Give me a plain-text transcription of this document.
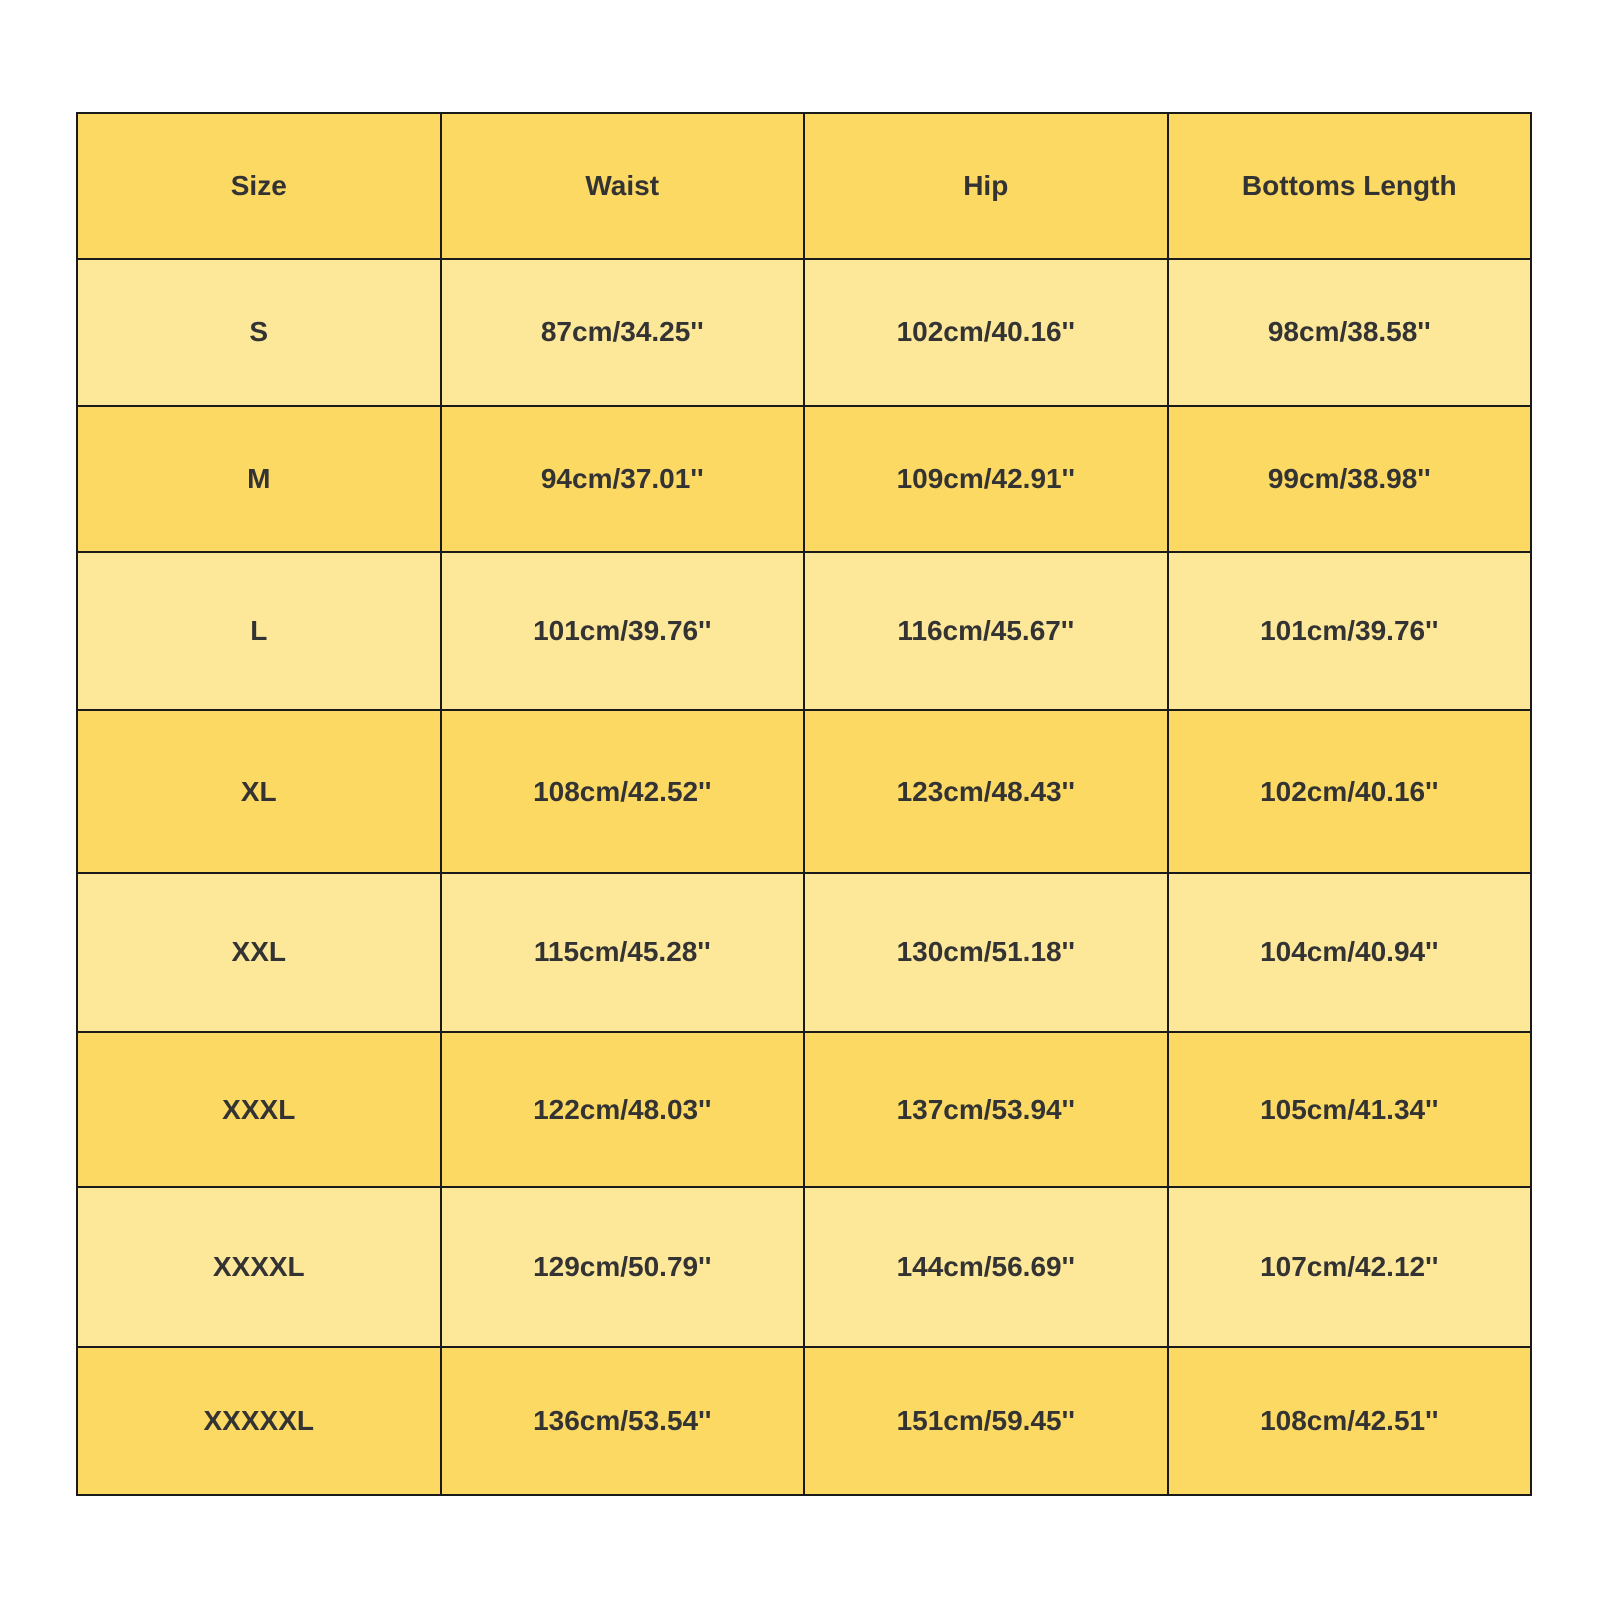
Size	Waist	Hip	Bottoms Length
S	87cm/34.25''	102cm/40.16''	98cm/38.58''
M	94cm/37.01''	109cm/42.91''	99cm/38.98''
L	101cm/39.76''	116cm/45.67''	101cm/39.76''
XL	108cm/42.52''	123cm/48.43''	102cm/40.16''
XXL	115cm/45.28''	130cm/51.18''	104cm/40.94''
XXXL	122cm/48.03''	137cm/53.94''	105cm/41.34''
XXXXL	129cm/50.79''	144cm/56.69''	107cm/42.12''
XXXXXL	136cm/53.54''	151cm/59.45''	108cm/42.51''
